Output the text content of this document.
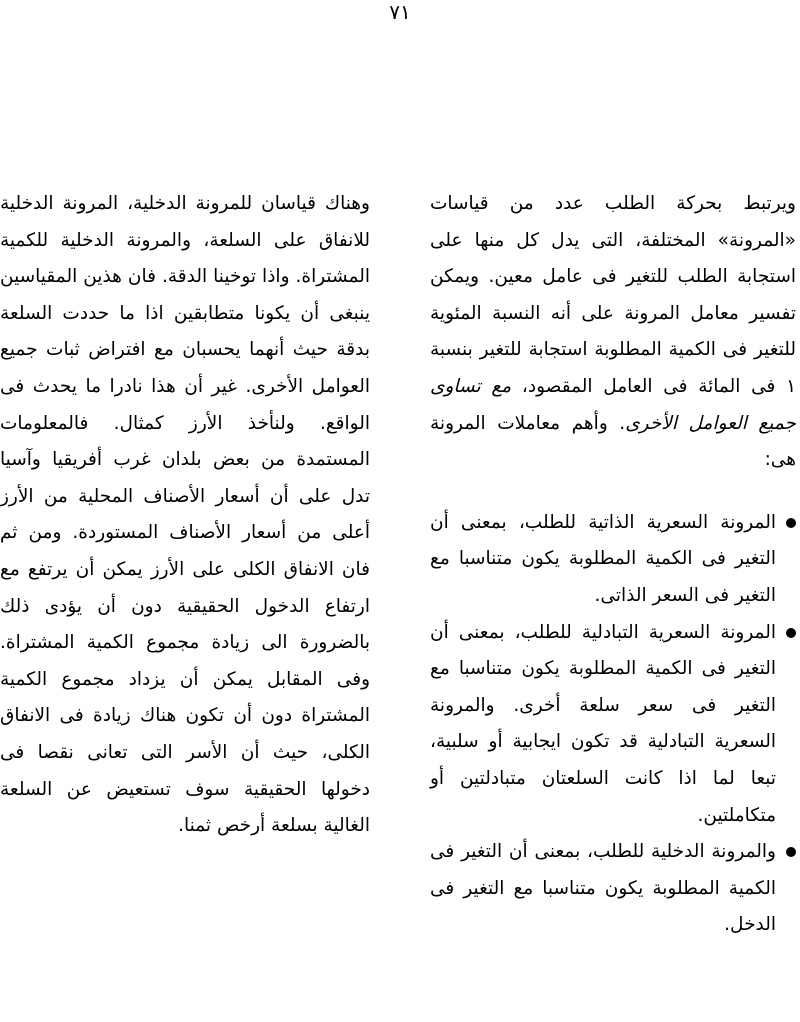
٧١

ويرتبط بحركة الطلب عدد من قياسات «المرونة» المختلفة، التى يدل كل منها على استجابة الطلب للتغير فى عامل معين. ويمكن تفسير معامل المرونة على أنه النسبة المئوية للتغير فى الكمية المطلوبة استجابة للتغير بنسبة ١ فى المائة فى العامل المقصود، مع تساوى جميع العوامل الأخرى. وأهم معاملات المرونة هى:

المرونة السعرية الذاتية للطلب، بمعنى أن التغير فى الكمية المطلوبة يكون متناسبا مع التغير فى السعر الذاتى.
المرونة السعرية التبادلية للطلب، بمعنى أن التغير فى الكمية المطلوبة يكون متناسبا مع التغير فى سعر سلعة أخرى. والمرونة السعرية التبادلية قد تكون ايجابية أو سلبية، تبعا لما اذا كانت السلعتان متبادلتين أو متكاملتين.
والمرونة الدخلية للطلب، بمعنى أن التغير فى الكمية المطلوبة يكون متناسبا مع التغير فى الدخل.

وهناك قياسان للمرونة الدخلية، المرونة الدخلية للانفاق على السلعة، والمرونة الدخلية للكمية المشتراة. واذا توخينا الدقة. فان هذين المقياسين ينبغى أن يكونا متطابقين اذا ما حددت السلعة بدقة حيث أنهما يحسبان مع افتراض ثبات جميع العوامل الأخرى. غير أن هذا نادرا ما يحدث فى الواقع. ولنأخذ الأرز كمثال. فالمعلومات المستمدة من بعض بلدان غرب أفريقيا وآسيا تدل على أن أسعار الأصناف المحلية من الأرز أعلى من أسعار الأصناف المستوردة. ومن ثم فان الانفاق الكلى على الأرز يمكن أن يرتفع مع ارتفاع الدخول الحقيقية دون أن يؤدى ذلك بالضرورة الى زيادة مجموع الكمية المشتراة. وفى المقابل يمكن أن يزداد مجموع الكمية المشتراة دون أن تكون هناك زيادة فى الانفاق الكلى، حيث أن الأسر التى تعانى نقصا فى دخولها الحقيقية سوف تستعيض عن السلعة الغالية بسلعة أرخص ثمنا.
